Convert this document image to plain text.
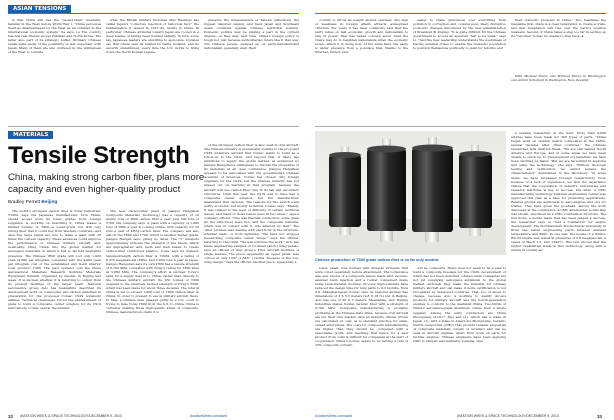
ASIAN TENSIONS

is that China still has the "us-and-them" mentality familiar in the West before World War I. "China perceives itself as disadvantaged by the West as an outsider in the international economic system," he says. Ls The country has few real friends except Pakistan and North Korea. The latter also part of its strategic buffer. Ordinary Chinese speak quite easily of the possibility of war, especially with Japan. Many of them are also confused by the willingness of the West to tolerate

what the British military historian Max Hastings has called Japan's "collective rejection of historical fact," the militarization it caused in 1937–45, mostly in China. In particular, Chinese attitudes toward Japan are rooted in a deep feeling of having been treated unfairly. In turn, some say, Japanese leaders are unwilling to apologize. Updates say that China sees its bullied by being resisted, and its security undermined, every time the U.S. works to bring down the North Korean regime.

preserve the independence of Taiwan (effectively, the biggest disputed island), and back Japan and Southeast Asian countries against Chinese territorial buildup. Domestic politics may be playing a part in the current dispute—or they may next time. China's foreign policy is tough not just because authoritarian rulers like it that way. The Chinese people, pumped up on party-manufactured nationalism, generally want their

MATERIALS
Tensile Strength
China, making strong carbon fiber, plans more capacity and even higher-quality product
Bradley Perrett Beijing

The world's strongest carbon fiber is Toray Industries' T1000, says the Japanese manufacturer. Now China, should access even its lower grades from foreign suppliers, is working on matching it. China makes a limited volume of T800—a lower-grade but still very strong fiber that it could buy from Western countries—and says five large plants are due to make a plant with 20 times the current capacity. These advances could improve the performance of Chinese military aircraft and, eventually, bring China into the global market for aerospace materials, in which it has so far had negligible presence. The Chinese T800 grade will cost only 1,000 yuan ($160) per kilogram, compared with the 4,000 yuan per kilogram cost of the established and much inferior local product, T300. The pilot operator told the China Aeronautical Materials Research Institute Materials Equipment Summit, organized by Gaofen, in Beijing last week. It is unclear whether it is referring to output from its present facilities or the larger plant. National aeronautics group Avic has meanwhile described its development work on composites and carbon materials in preparation for the proposed Comac C929 widebody airliner. Technical challenges forced the abandonment of plans to build a composite center wingbox for its C919 narrowbody, Comac said at the summit.

The new carbon-fiber plant of Jiangsu Hengshen Composite Materials Technology has a capacity of 10 metric tons of T800 carbon fiber a year, plus 300 tons of T700, the company says. A plant with a capacity of 1,000 tons of T800 a year is coming online, with capacity for 50 tons a year of M55J carbon fiber. The company will also sell on the T800 and T700, which is another higher grade, Jiangsu Hengsh says, giving no dates. The "T" numbers approximately indicate the strength of the fibers, which are impregnated with resin and then baked to create carbon-fiber reinforced plastics. Toray says its highest-tensile-strength carbon fiber is T1000, with a rating of 6,370 megapascals (MPa), and 2,000 tons a year in Japan. Jiangsu Hengshen says its own T800 has a tensile strength of 5,700 MPa, compared with Toray's rating for T800 fiber at 5,880 MPa. The company's effort is unclear. Toray's aims for a supply deal in to China, rather than directly to the Chinese military aircraft. Its 250 tonnes of T300 supplied to the relatively modest strength of Toray's T300, which has been made for about three decades. The total in China is set to exceed 1,000 tons of T800 carbon fiber in China. In order to present to use in military aircraft there. In May, a Chinese man pleaded guilty in a U.S. court to trying to take Toray T800 from the U.S. to China. China is currently making three high-quality kinds of composite. Chinese manufacturers claim it is

of the strongest carbon fiber is also used in civil aircraft. The Chinese industry is presumably looking to the proposed C929 widebody aircraft that Comac wants to build as a follow-on to the C919. And beyond that, it likely has ambitions to supply the global market, as evidenced by Jiangsu Hengshen's willingness to discuss the properties of its materials at an open conference. Jiangsu Hengshen appears to be associated with the government's Chinese Academy of Sciences. Comac has chosen only foreign suppliers for the C919, but the Chinese industry has not missed out on learning in that program, because the aircraft will use carbon-fiber only in its tail and secondary structures. Until this year, the C919 was to have had a composite center wingbox, but the manufacturer abandoned that decision. The reasons for the switch were partly economic but mostly technical, Comac says. "Mainly, it was related to the level of difficulty of certain technical issues, and many of those issues were in two areas," says a company official. "One was thermal conduction; some glues [in the structure] were hot, and the composite material, which was in contact with it, was affected by that." The other problem was dealing with electricity in the structure, whether static or from lightning. "We have not stopped researching composite center wings," says the official, referring to the C929. "We will continue the work." Avic has made engineering samples of 12-meter (40-ft.) wing panels, says an official of that group's First Aircraft Institute, a single feature. The piece, apparently an upper panel, was curved at only 12m² (1,643° ) radius "because of the low-wing design," says the official. Another piece, apparently a

32 AVIATION WEEK & SPACE TECHNOLOGY/DECEMBER 9, 2013	AviationWeek.com/awst

country to throw its weight around overseas. Any sign of weakness in foreign affairs attracts widespread criticism. For years it has been commonly said that the party relies on fast economic growth and nationalism to stay in power. That has raised concern about what the rulers may do to heighten nationalism when the economy slows—which it is doing now. At the same time, the party is under pressure from a populace that, thanks to the Internet, finds it ever

easier to share grievances over everything from pollution to corruption and, coming soon, likely disruptive economic changes introduced by the new administration of President Xi Jinping. "It is quite difficult for the Chinese government to accept an apparent 'fall' to be weak," says Li. "And the new leadership understands the usefulness of having external crises to enable the domestic population to position themselves politically to push for reforms and

their domestic progress in China." Two headlines the magazine first, there is a clear temptation to create a crisis, and that temptation will rise over the party's position weakens. Second, if China takes a step too far in setting up its "red lines" it may be unable to step back. ∎

With Michael Bruno and Michael Fabey in Washington and Adrian Schofield in Wellington, New Zealand.

Chinese production of T800 grade carbon fiber is so far only modest.

a leading researcher in the field. More than 4,000 articles have been made for 360 types of parts. "China began work on ceramic matrix composites in the 1980s, several decades after other countries," the Chinese researcher tells Aviation Week. "We are still behind North America and Europe, and in some areas we have been unable to catch up. In [development of] materials, we have been catching up faster. "But we are far behind in applying and using the technology," she says. "Without thorough testing and verification, we cannot believe the characteristics" determined in the laboratory. "In some areas, we have surpassed [foreign researchers]. Now, because of a lack of experience, we lack the experience shares that the cooperation of industry, universities and research institutes is key to success, she adds. A CMC manufacturing technology national engineering center was approved this year as a base for promoting applications. Related groups are applicable to aero-engines and one for brakes. They have given the go-ahead. Among the work discussed at the conference, a CMC afterburner nozzle flap was shown, described as a CMC combustion structure. The fuel flows, a nozzle made that has been judged a success, the researcher says, is "laid a foundation" for engine development. The Northwestern Polytechnical University in Xi'an has tested engineering parts between ambient temperature and 800C. In one test, the nozzle of a Kilmov RD-33 engine was tested at pressures of 3.6 megapascals, a speed of Mach 1.5, and 1342°C. This test proved that the higher capabilities made in this technology, along with a saving in cooling air.

lower panel, was formed with integral stringers that were cured separately before attachment. The conference also saw photos of a composite sleeve made with vacuum-assisted resin injection and a rudder component made using resin-transfer molding. Process improvements have reduced the design time for long parts to 2-3 months, from 6-8. Shanghai-based Comac says its regional airliner has dimensions of 3 X 5.5 meters (9.8 X 18 ft.) but in Beijing. Avic has one of 30 X 7 meters. Meanwhile, Avic Beijing Industries makes Nextel ceramic fiber with a strength of 2,700 MPa. Composite manufacturing is probably profitable at the Chinese state firms, because civil aircraft are not their only market, says an industry official. Prices are calculated on cost, as is standard practice for state-owned enterprises. The costs for composite manufacturing are higher than they should be, compared with a reasonable profit. And reaching that figure for a new product from costs is difficult for companies at the start of cooperation. China's Comac seems to be setting a rate of 25% composite content.

will be composite. There does not seem to be a plan to build a composite fuselage for the C929, development of which has not been launched. China's main companies are not yet supplying aerospace aluminum to the global market, although they make the material for Chinese military aircraft and can make it more certification is not recognized by developed countries. That, too, is about to change, because Avic is working to qualify Alcoa's products for military aircraft and the fourth-generation engines to conform to the mainland China. Two-thirds of China's aerospace-grade aluminum comes from a single supplier. Among the early contractors are China Zhongwang (6×6×7 Mp) and (2), which has a stake in Japan. (1), with a stake in America's Zhongwang. Ceramic matrix composites (CMC) that provide tunable properties of composite materials consist of ceramics and can be used in aircraft engines. Apart from work on parts for turbine engines, Chinese engineers have been applying CMC to ramjets and telemetry systems, says

AviationWeek.com/awst	AVIATION WEEK & SPACE TECHNOLOGY/DECEMBER 9, 2013	33
